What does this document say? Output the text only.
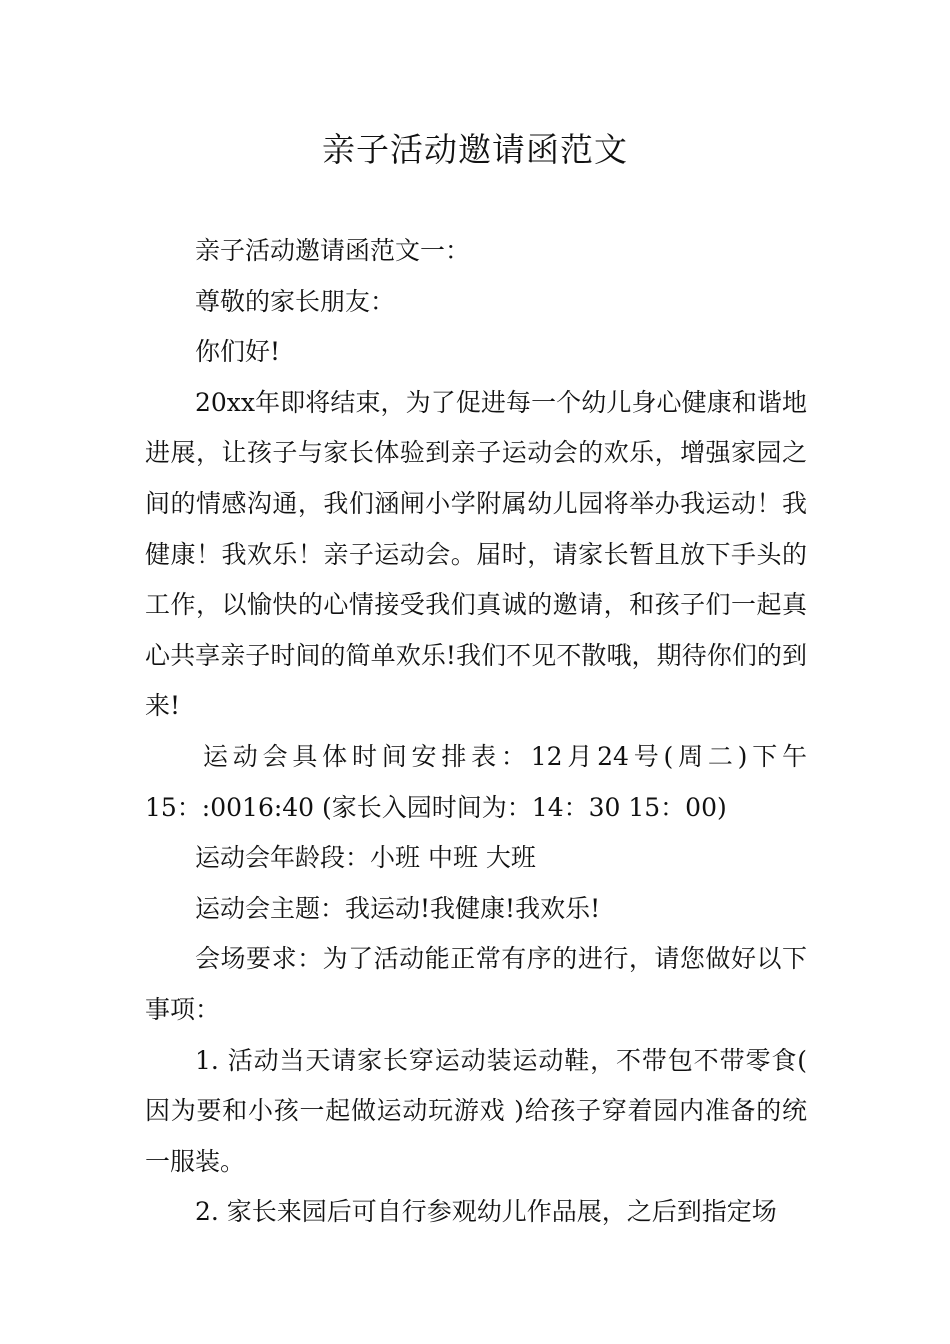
亲子活动邀请函范文

亲子活动邀请函范文一：

尊敬的家长朋友：

你们好!

20xx年即将结束，为了促进每一个幼儿身心健康和谐地进展，让孩子与家长体验到亲子运动会的欢乐，增强家园之间的情感沟通，我们涵闸小学附属幼儿园将举办我运动！我健康！我欢乐！亲子运动会。届时，请家长暂且放下手头的工作，以愉快的心情接受我们真诚的邀请，和孩子们一起真心共享亲子时间的简单欢乐!我们不见不散哦，期待你们的到来!

运动会具体时间安排表：12月24号(周二)下午15：:0016:40 (家长入园时间为：14：30 15：00)

运动会年龄段：小班 中班 大班

运动会主题：我运动!我健康!我欢乐!

会场要求：为了活动能正常有序的进行，请您做好以下事项：

1. 活动当天请家长穿运动装运动鞋，不带包不带零食( 因为要和小孩一起做运动玩游戏 )给孩子穿着园内准备的统一服装。

2. 家长来园后可自行参观幼儿作品展，之后到指定场
